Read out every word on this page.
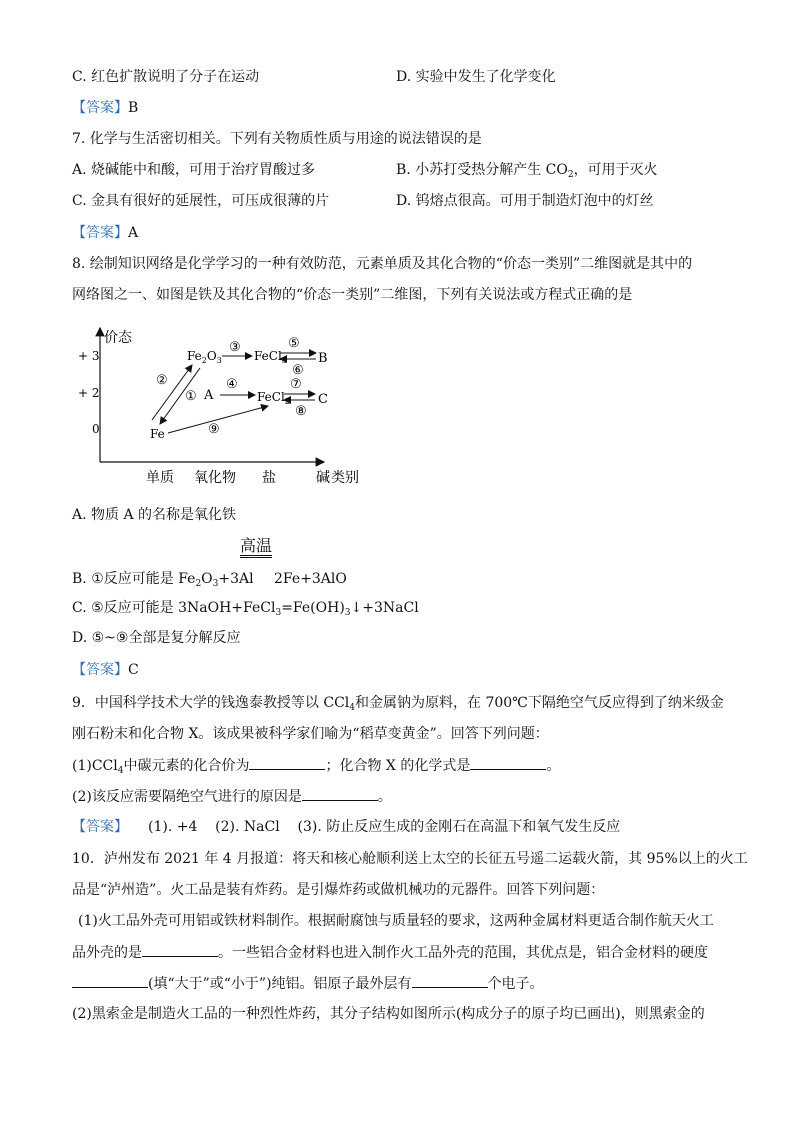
C. 红色扩散说明了分子在运动	D. 实验中发生了化学变化
【答案】B
7. 化学与生活密切相关。下列有关物质性质与用途的说法错误的是
A. 烧碱能中和酸，可用于治疗胃酸过多	B. 小苏打受热分解产生 $CO_2$，可用于灭火
C. 金具有很好的延展性，可压成很薄的片	D. 钨熔点很高。可用于制造灯泡中的灯丝
【答案】A
8. 绘制知识网络是化学学习的一种有效防范，元素单质及其化合物的“价态一类别”二维图就是其中的
网络图之一、如图是铁及其化合物的“价态一类别”二维图，下列有关说法或方程式正确的是
价态
+ 3
+ 2
0
单质 氧化物 盐	碱 类别
$Fe_2O_3$	FeCl$_3$ B
A	FeCl$_2$ C
Fe
①
②
③
④
⑤
⑥
⑦
⑧
⑨
A. 物质 A 的名称是氧化铁
高温
B. ①反应可能是 $Fe_2O_3+3Al$ 2Fe+3AlO
C. ⑤反应可能是 $3NaOH+FeCl_3=Fe(OH)_3↓+3NaCl$
D. ⑤~⑨全部是复分解反应
【答案】C
9．中国科学技术大学的钱逸泰教授等以 CCl$_4$和金属钠为原料，在 700℃下隔绝空气反应得到了纳米级金
刚石粉末和化合物 X。该成果被科学家们喻为“稻草变黄金”。回答下列问题：
(1)CCl$_4$中碳元素的化合价为	；化合物 X 的化学式是	。
(2)该反应需要隔绝空气进行的原因是	。
【答案】 (1). +4    (2). NaCl    (3). 防止反应生成的金刚石在高温下和氧气发生反应
10．泸州发布 2021 年 4 月报道：将天和核心舱顺利送上太空的长征五号遥二运载火箭，其 95%以上的火工
品是“泸州造”。火工品是装有炸药。是引爆炸药或做机械功的元器件。回答下列问题：
(1)火工品外壳可用铝或铁材料制作。根据耐腐蚀与质量轻的要求，这两种金属材料更适合制作航天火工
品外壳的是	。一些铝合金材料也进入制作火工品外壳的范围，其优点是，铝合金材料的硬度
(填“大于”或“小于”)纯铝。铝原子最外层有	个电子。
(2)黑索金是制造火工品的一种烈性炸药，其分子结构如图所示(构成分子的原子均已画出)，则黑索金的
